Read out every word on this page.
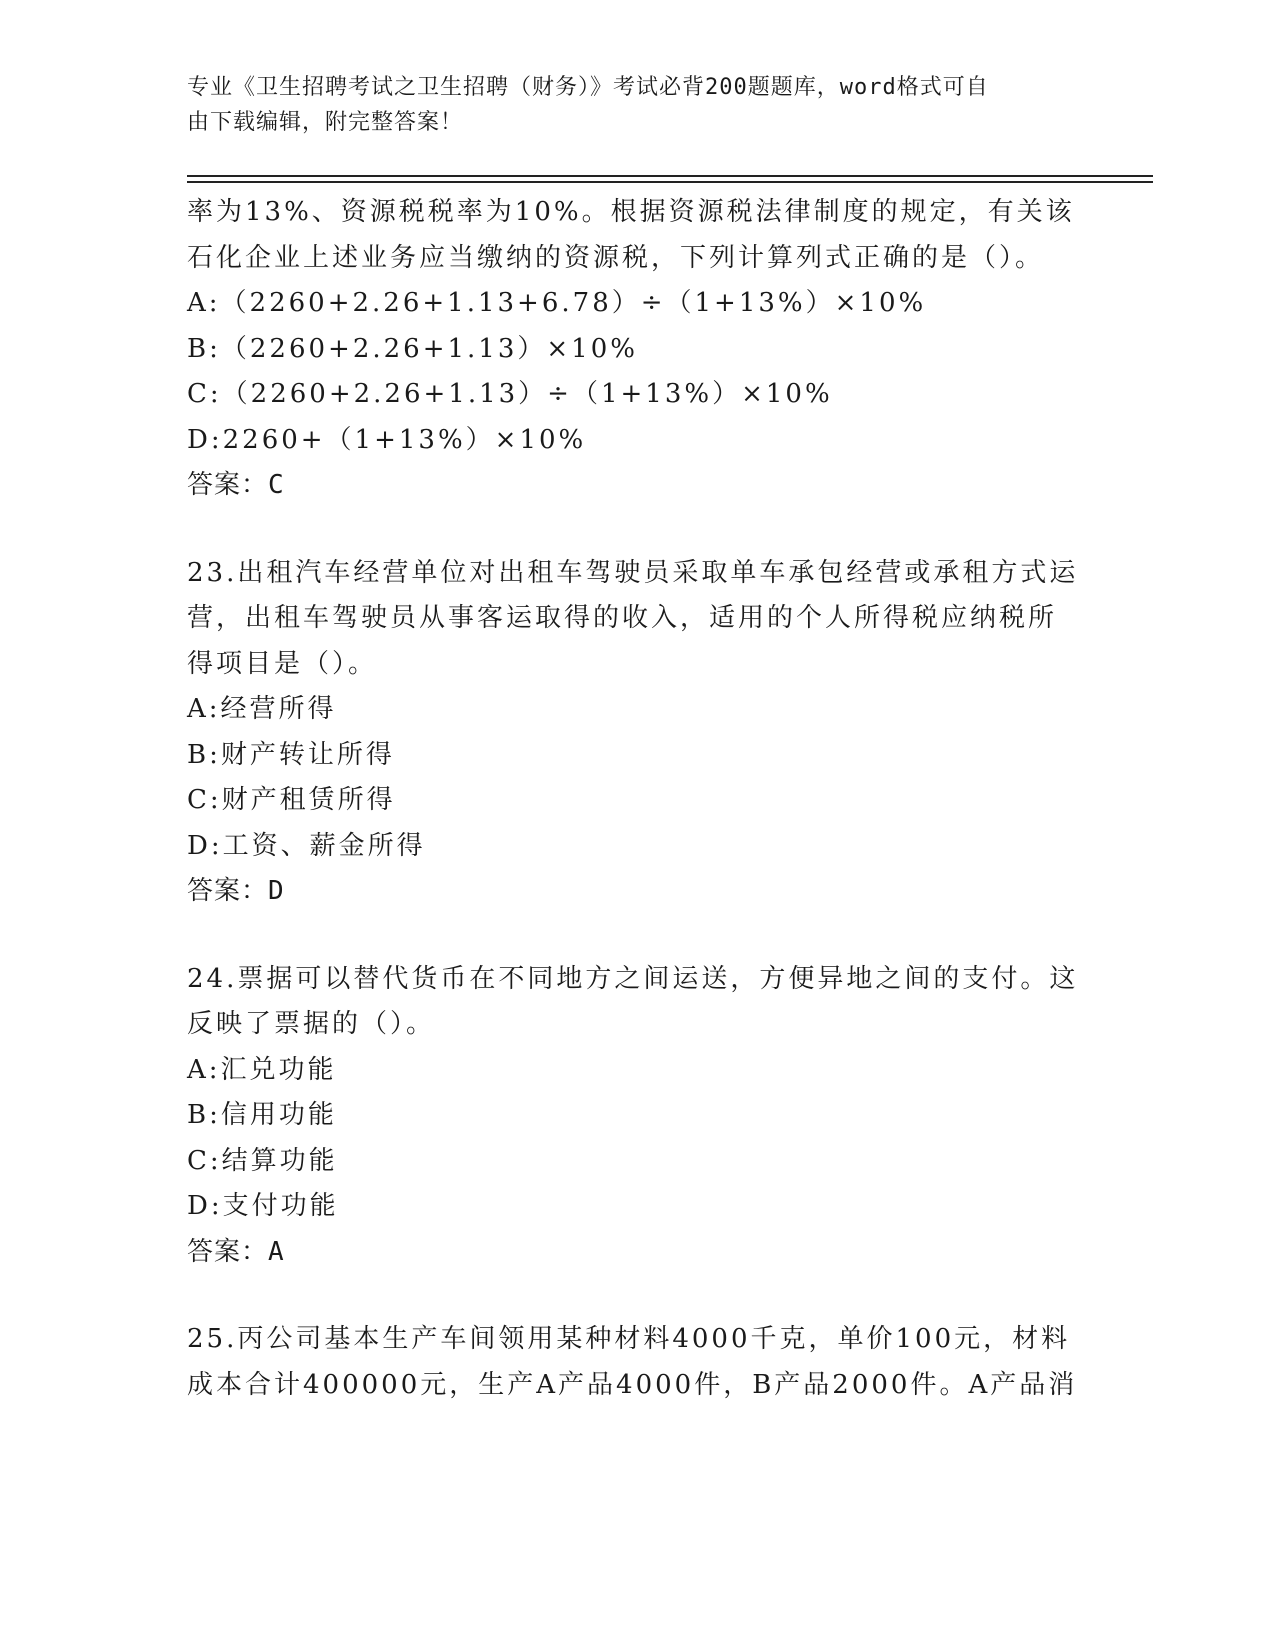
专业《卫生招聘考试之卫生招聘（财务）》考试必背200题题库，word格式可自
由下载编辑，附完整答案！
率为13%、资源税税率为10%。根据资源税法律制度的规定，有关该
石化企业上述业务应当缴纳的资源税，下列计算列式正确的是（）。
A:（2260+2.26+1.13+6.78）÷（1+13%）×10%
B:（2260+2.26+1.13）×10%
C:（2260+2.26+1.13）÷（1+13%）×10%
D:2260+（1+13%）×10%
答案：C
23.出租汽车经营单位对出租车驾驶员采取单车承包经营或承租方式运
营，出租车驾驶员从事客运取得的收入，适用的个人所得税应纳税所
得项目是（）。
A:经营所得
B:财产转让所得
C:财产租赁所得
D:工资、薪金所得
答案：D
24.票据可以替代货币在不同地方之间运送，方便异地之间的支付。这
反映了票据的（）。
A:汇兑功能
B:信用功能
C:结算功能
D:支付功能
答案：A
25.丙公司基本生产车间领用某种材料4000千克，单价100元，材料
成本合计400000元，生产A产品4000件，B产品2000件。A产品消
